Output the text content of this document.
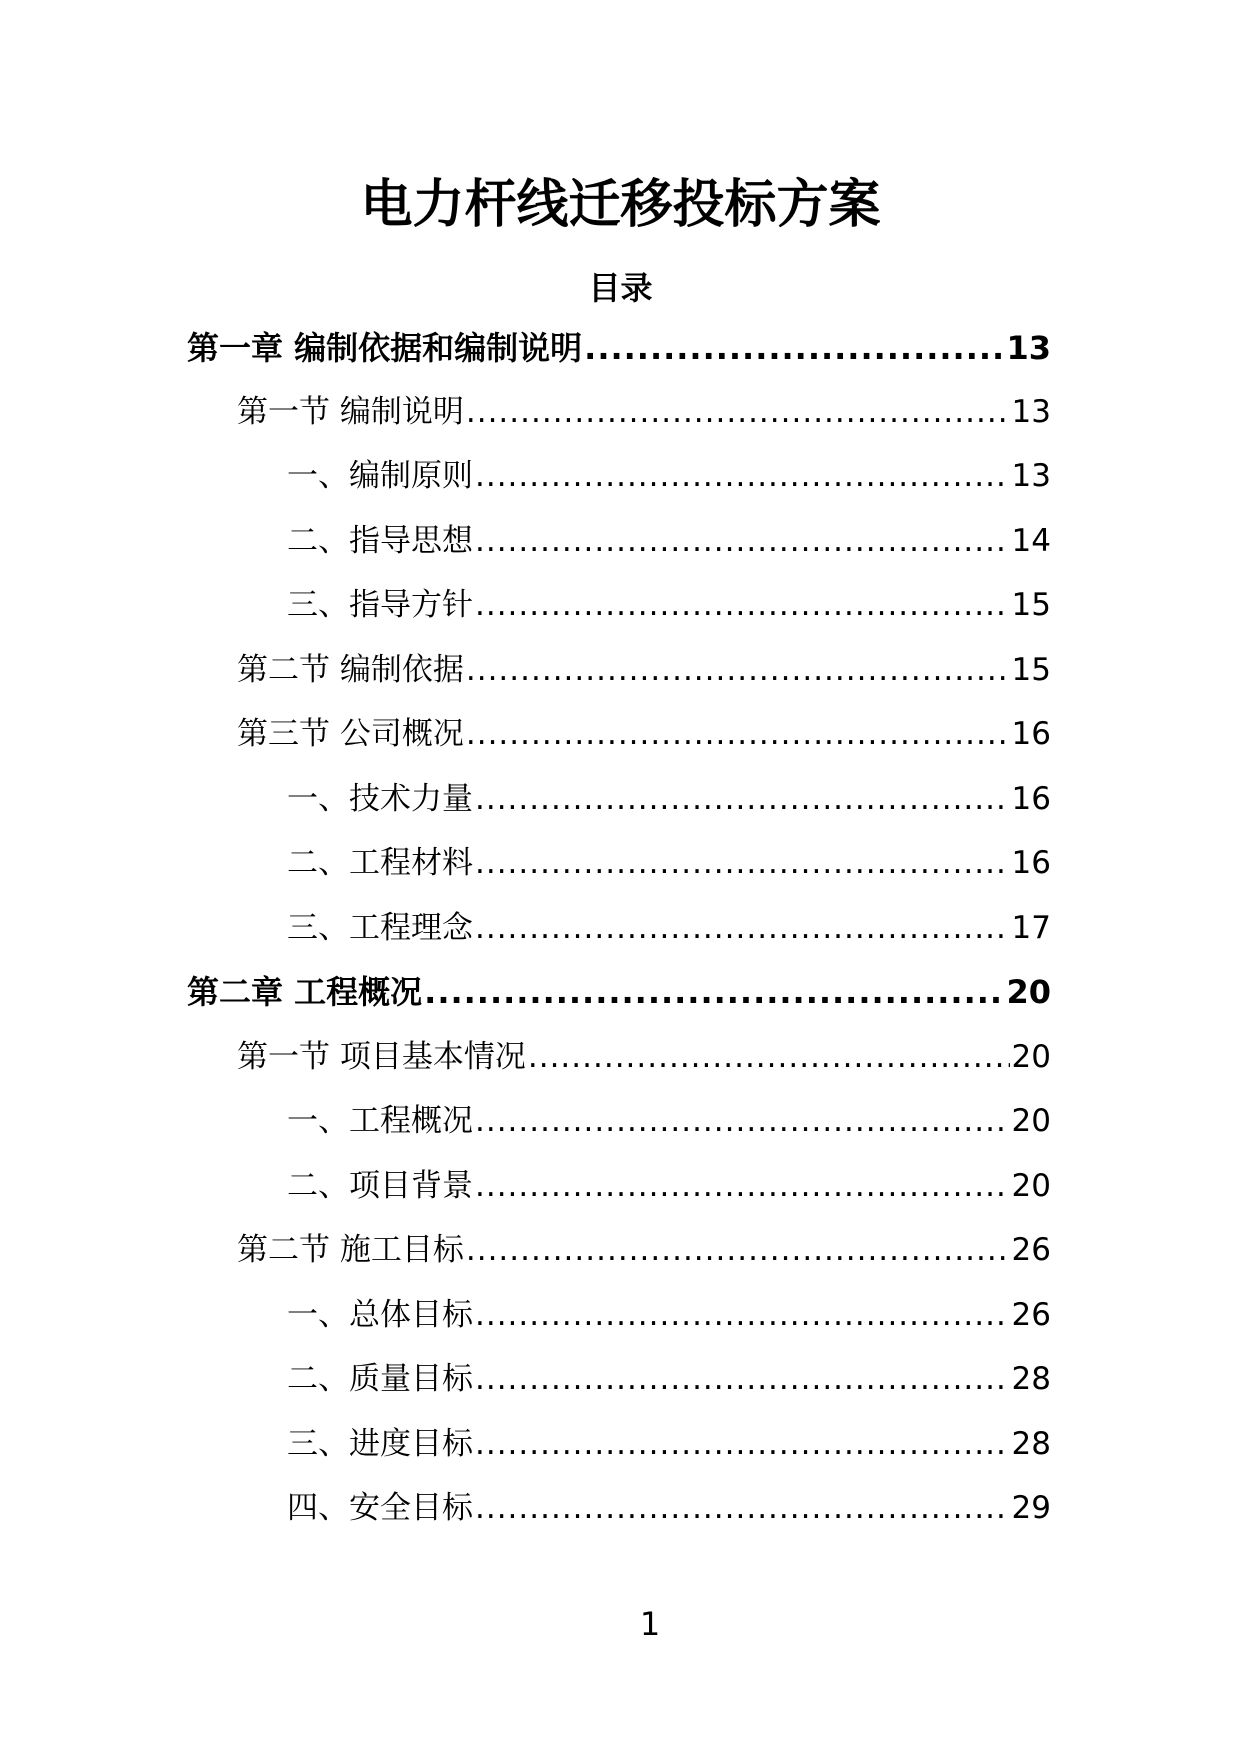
电力杆线迁移投标方案
目录
第一章 编制依据和编制说明 .....	13
第一节 编制说明 .....	13
一、编制原则 .....	13
二、指导思想 .....	14
三、指导方针 .....	15
第二节 编制依据 .....	15
第三节 公司概况 .....	16
一、技术力量 .....	16
二、工程材料 .....	16
三、工程理念 .....	17
第二章 工程概况 .....	20
第一节 项目基本情况 .....	20
一、工程概况 .....	20
二、项目背景 .....	20
第二节 施工目标 .....	26
一、总体目标 .....	26
二、质量目标 .....	28
三、进度目标 .....	28
四、安全目标 .....	29
1
